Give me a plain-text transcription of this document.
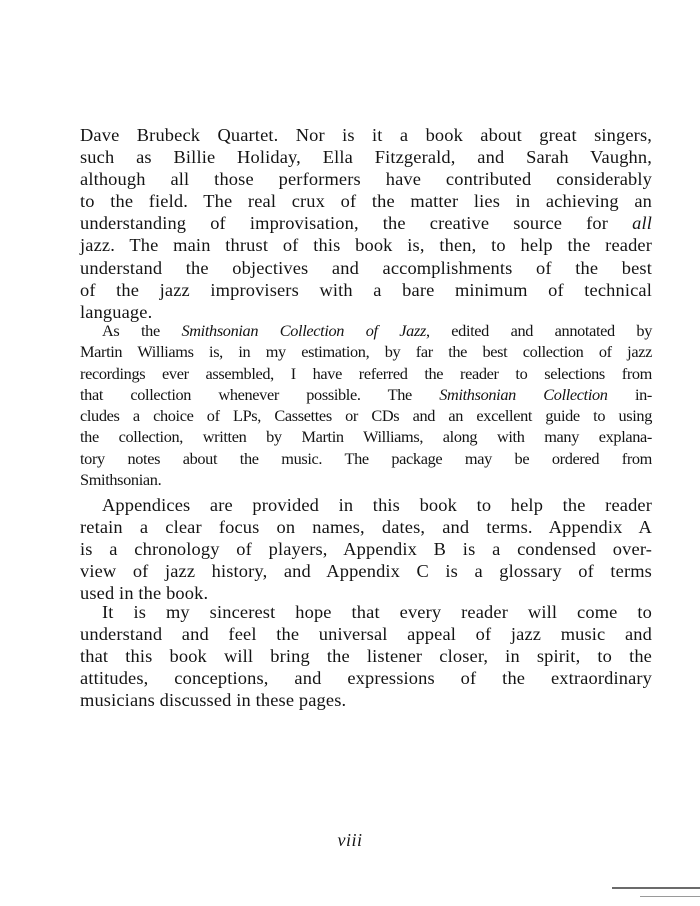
Dave Brubeck Quartet. Nor is it a book about great singers,
such as Billie Holiday, Ella Fitzgerald, and Sarah Vaughn,
although all those performers have contributed considerably
to the field. The real crux of the matter lies in achieving an
understanding of improvisation, the creative source for all
jazz. The main thrust of this book is, then, to help the reader
understand the objectives and accomplishments of the best
of the jazz improvisers with a bare minimum of technical
language.

As the Smithsonian Collection of Jazz, edited and annotated by
Martin Williams is, in my estimation, by far the best collection of jazz
recordings ever assembled, I have referred the reader to selections from
that collection whenever possible. The Smithsonian Collection in-
cludes a choice of LPs, Cassettes or CDs and an excellent guide to using
the collection, written by Martin Williams, along with many explana-
tory notes about the music. The package may be ordered from
Smithsonian.

Appendices are provided in this book to help the reader
retain a clear focus on names, dates, and terms. Appendix A
is a chronology of players, Appendix B is a condensed over-
view of jazz history, and Appendix C is a glossary of terms
used in the book.

It is my sincerest hope that every reader will come to
understand and feel the universal appeal of jazz music and
that this book will bring the listener closer, in spirit, to the
attitudes, conceptions, and expressions of the extraordinary
musicians discussed in these pages.

viii
